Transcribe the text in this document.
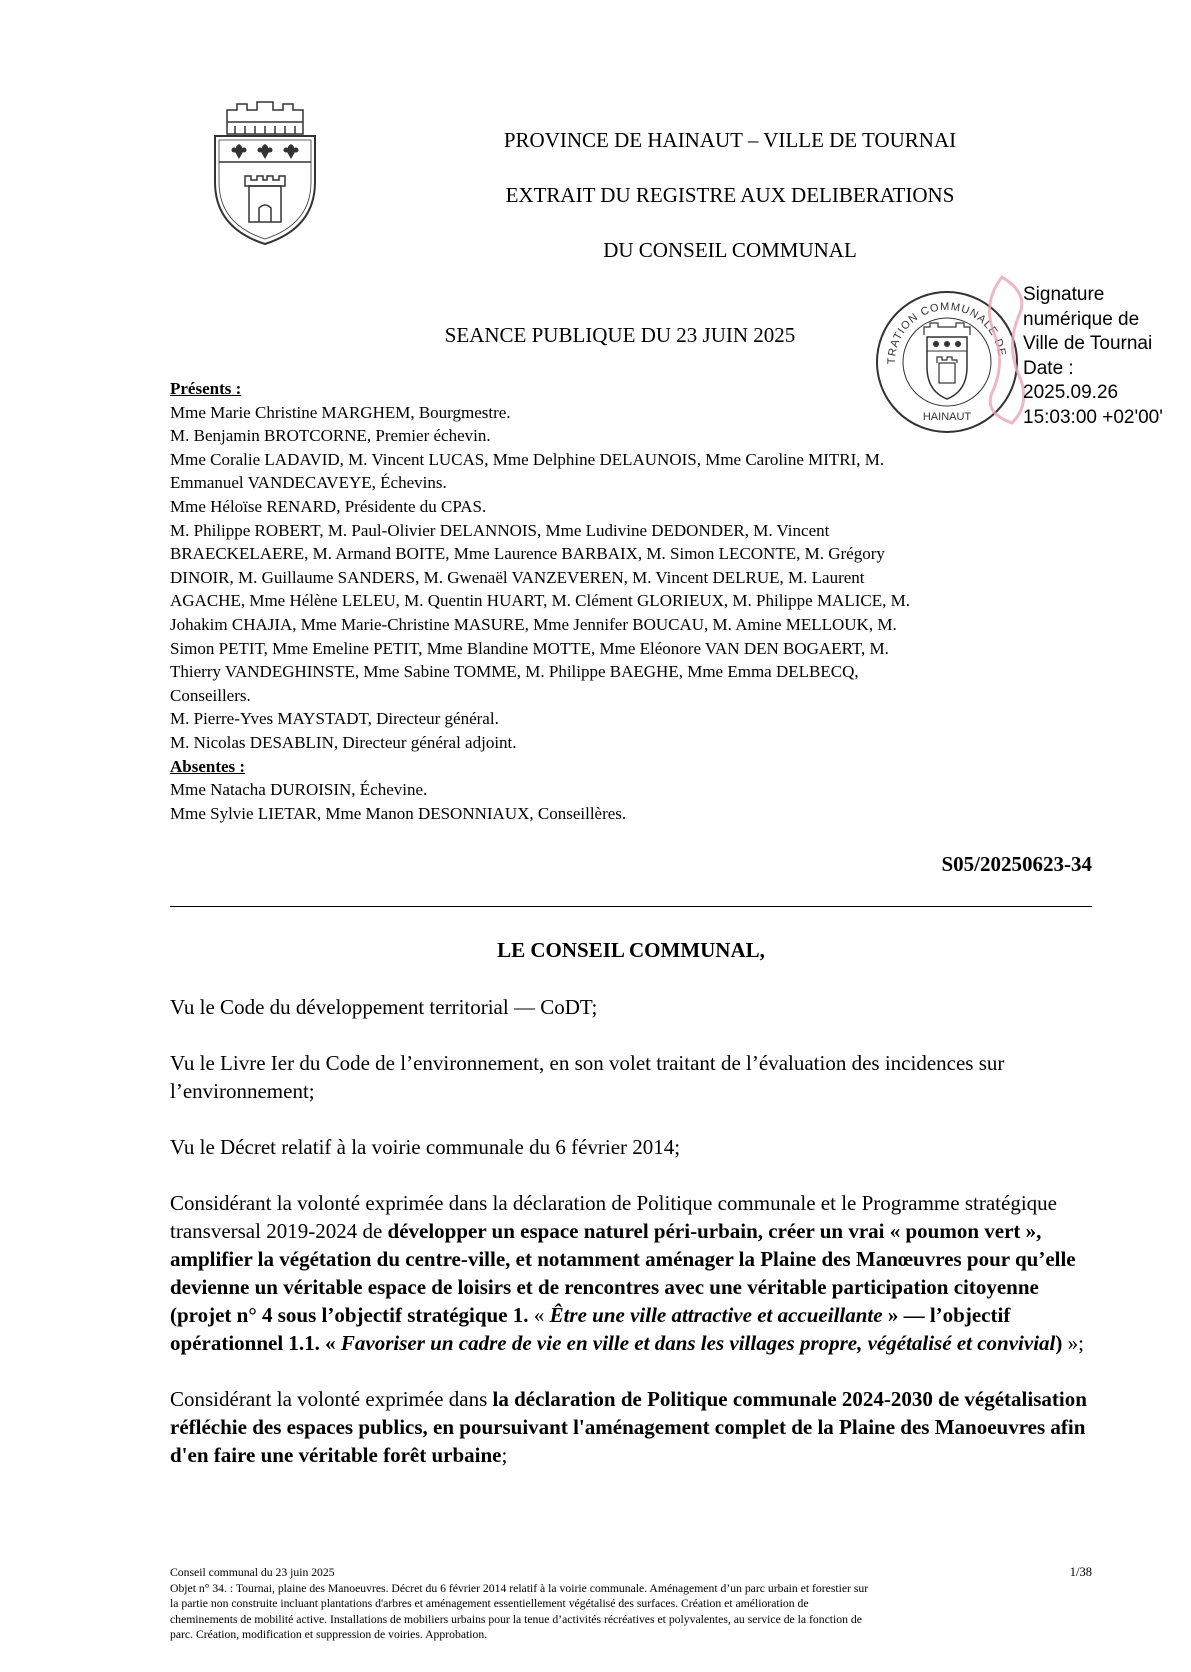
PROVINCE DE HAINAUT – VILLE DE TOURNAI
EXTRAIT DU REGISTRE AUX DELIBERATIONS
DU CONSEIL COMMUNAL
SEANCE PUBLIQUE DU 23 JUIN 2025
TRATION COMMUNALE DE
HAINAUT
Signature
numérique de
Ville de Tournai
Date :
2025.09.26
15:03:00 +02'00'
Présents :
Mme Marie Christine MARGHEM, Bourgmestre.
M. Benjamin BROTCORNE, Premier échevin.
Mme Coralie LADAVID, M. Vincent LUCAS, Mme Delphine DELAUNOIS, Mme Caroline MITRI, M.
Emmanuel VANDECAVEYE, Échevins.
Mme Héloïse RENARD, Présidente du CPAS.
M. Philippe ROBERT, M. Paul-Olivier DELANNOIS, Mme Ludivine DEDONDER, M. Vincent
BRAECKELAERE, M. Armand BOITE, Mme Laurence BARBAIX, M. Simon LECONTE, M. Grégory
DINOIR, M. Guillaume SANDERS, M. Gwenaël VANZEVEREN, M. Vincent DELRUE, M. Laurent
AGACHE, Mme Hélène LELEU, M. Quentin HUART, M. Clément GLORIEUX, M. Philippe MALICE, M.
Johakim CHAJIA, Mme Marie-Christine MASURE, Mme Jennifer BOUCAU, M. Amine MELLOUK, M.
Simon PETIT, Mme Emeline PETIT, Mme Blandine MOTTE, Mme Eléonore VAN DEN BOGAERT, M.
Thierry VANDEGHINSTE, Mme Sabine TOMME, M. Philippe BAEGHE, Mme Emma DELBECQ,
Conseillers.
M. Pierre-Yves MAYSTADT, Directeur général.
M. Nicolas DESABLIN, Directeur général adjoint.
Absentes :
Mme Natacha DUROISIN, Échevine.
Mme Sylvie LIETAR, Mme Manon DESONNIAUX, Conseillères.
S05/20250623-34
LE CONSEIL COMMUNAL,

Vu le Code du développement territorial — CoDT;

Vu le Livre Ier du Code de l’environnement, en son volet traitant de l’évaluation des incidences sur l’environnement;

Vu le Décret relatif à la voirie communale du 6 février 2014;

Considérant la volonté exprimée dans la déclaration de Politique communale et le Programme stratégique transversal 2019-2024 de développer un espace naturel péri-urbain, créer un vrai « poumon vert », amplifier la végétation du centre-ville, et notamment aménager la Plaine des Manœuvres pour qu’elle devienne un véritable espace de loisirs et de rencontres avec une véritable participation citoyenne (projet n° 4 sous l’objectif stratégique 1. « Être une ville attractive et accueillante » — l’objectif opérationnel 1.1. « Favoriser un cadre de vie en ville et dans les villages propre, végétalisé et convivial) »;

Considérant la volonté exprimée dans la déclaration de Politique communale 2024-2030 de végétalisation réfléchie des espaces publics, en poursuivant l'aménagement complet de la Plaine des Manoeuvres afin d'en faire une véritable forêt urbaine;

Conseil communal du 23 juin 2025
Objet n° 34. : Tournai, plaine des Manoeuvres. Décret du 6 février 2014 relatif à la voirie communale. Aménagement d’un parc urbain et forestier sur
la partie non construite incluant plantations d'arbres et aménagement essentiellement végétalisé des surfaces. Création et amélioration de
cheminements de mobilité active. Installations de mobiliers urbains pour la tenue d’activités récréatives et polyvalentes, au service de la fonction de
parc. Création, modification et suppression de voiries. Approbation.
1/38
